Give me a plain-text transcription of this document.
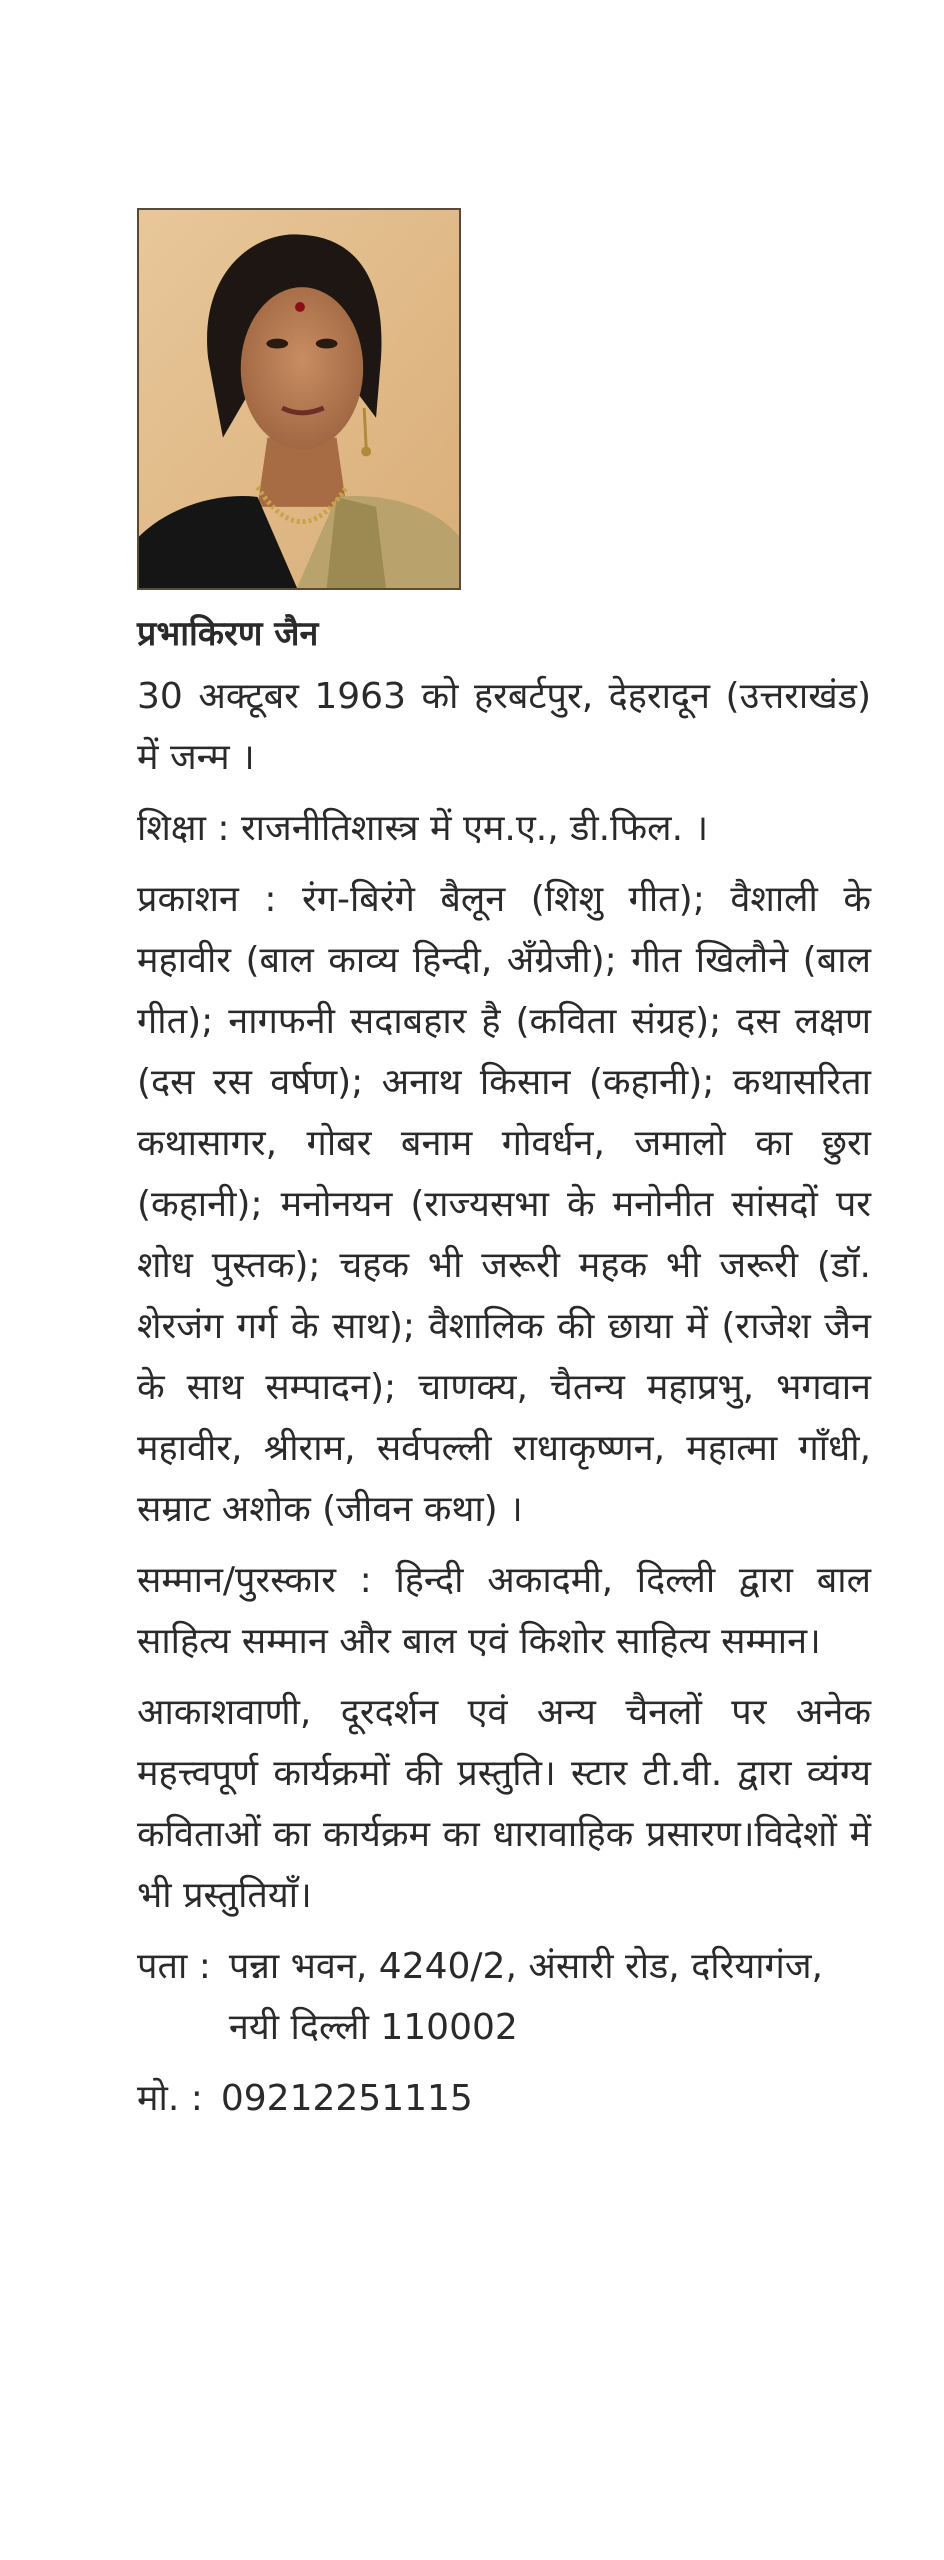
प्रभाकिरण जैन

30 अक्टूबर 1963 को हरबर्टपुर, देहरादून (उत्तराखंड) में जन्म ।

शिक्षा : राजनीतिशास्त्र में एम.ए., डी.फिल. ।

प्रकाशन : रंग-बिरंगे बैलून (शिशु गीत); वैशाली के महावीर (बाल काव्य हिन्दी, अँग्रेजी); गीत खिलौने (बाल गीत); नागफनी सदाबहार है (कविता संग्रह); दस लक्षण (दस रस वर्षण); अनाथ किसान (कहानी); कथासरिता कथासागर, गोबर बनाम गोवर्धन, जमालो का छुरा (कहानी); मनोनयन (राज्यसभा के मनोनीत सांसदों पर शोध पुस्तक); चहक भी जरूरी महक भी जरूरी (डॉ. शेरजंग गर्ग के साथ); वैशालिक की छाया में (राजेश जैन के साथ सम्पादन); चाणक्य, चैतन्य महाप्रभु, भगवान महावीर, श्रीराम, सर्वपल्ली राधाकृष्णन, महात्मा गाँधी, सम्राट अशोक (जीवन कथा) ।

सम्मान/पुरस्कार : हिन्दी अकादमी, दिल्ली द्वारा बाल साहित्य सम्मान और बाल एवं किशोर साहित्य सम्मान।

आकाशवाणी, दूरदर्शन एवं अन्य चैनलों पर अनेक महत्त्वपूर्ण कार्यक्रमों की प्रस्तुति। स्टार टी.वी. द्वारा व्यंग्य कविताओं का कार्यक्रम का धारावाहिक प्रसारण।विदेशों में भी प्रस्तुतियाँ।

पता : पन्ना भवन, 4240/2, अंसारी रोड, दरियागंज,
नयी दिल्ली 110002
मो. : 09212251115
